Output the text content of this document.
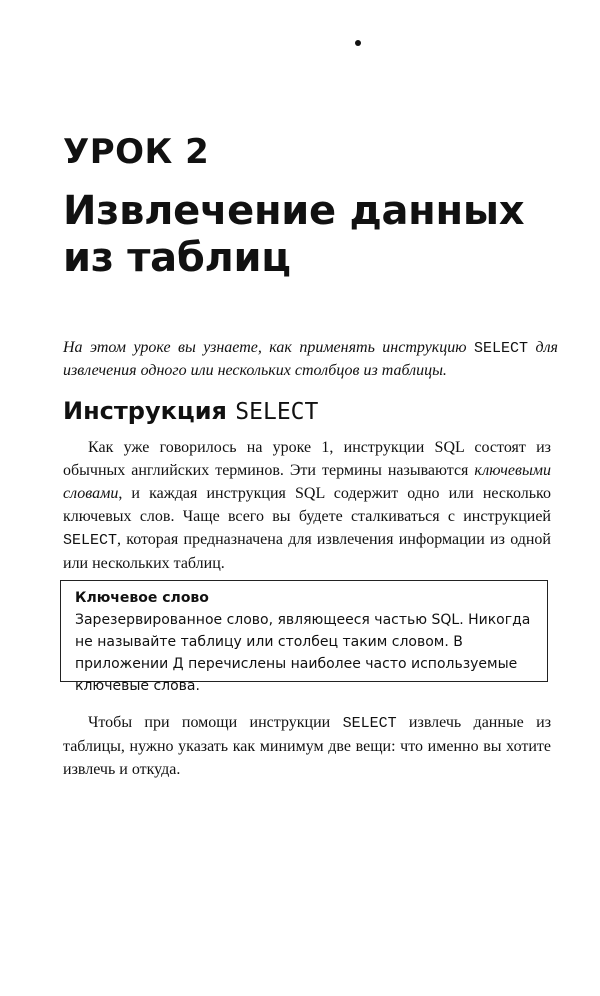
УРОК 2
Извлечение данных из таблиц

На этом уроке вы узнаете, как применять инструкцию SELECT для извлечения одного или нескольких столбцов из таблицы.

Инструкция SELECT

Как уже говорилось на уроке 1, инструкции SQL состоят из обычных английских терминов. Эти термины называются ключевыми словами, и каждая инструкция SQL содержит одно или несколько ключевых слов. Чаще всего вы будете сталкиваться с инструкцией SELECT, которая предназначена для извлечения информации из одной или нескольких таблиц.

Ключевое слово

Зарезервированное слово, являющееся частью SQL. Никогда не называйте таблицу или столбец таким словом. В приложении Д перечислены наиболее часто используемые ключевые слова.

Чтобы при помощи инструкции SELECT извлечь данные из таблицы, нужно указать как минимум две вещи: что именно вы хотите извлечь и откуда.
